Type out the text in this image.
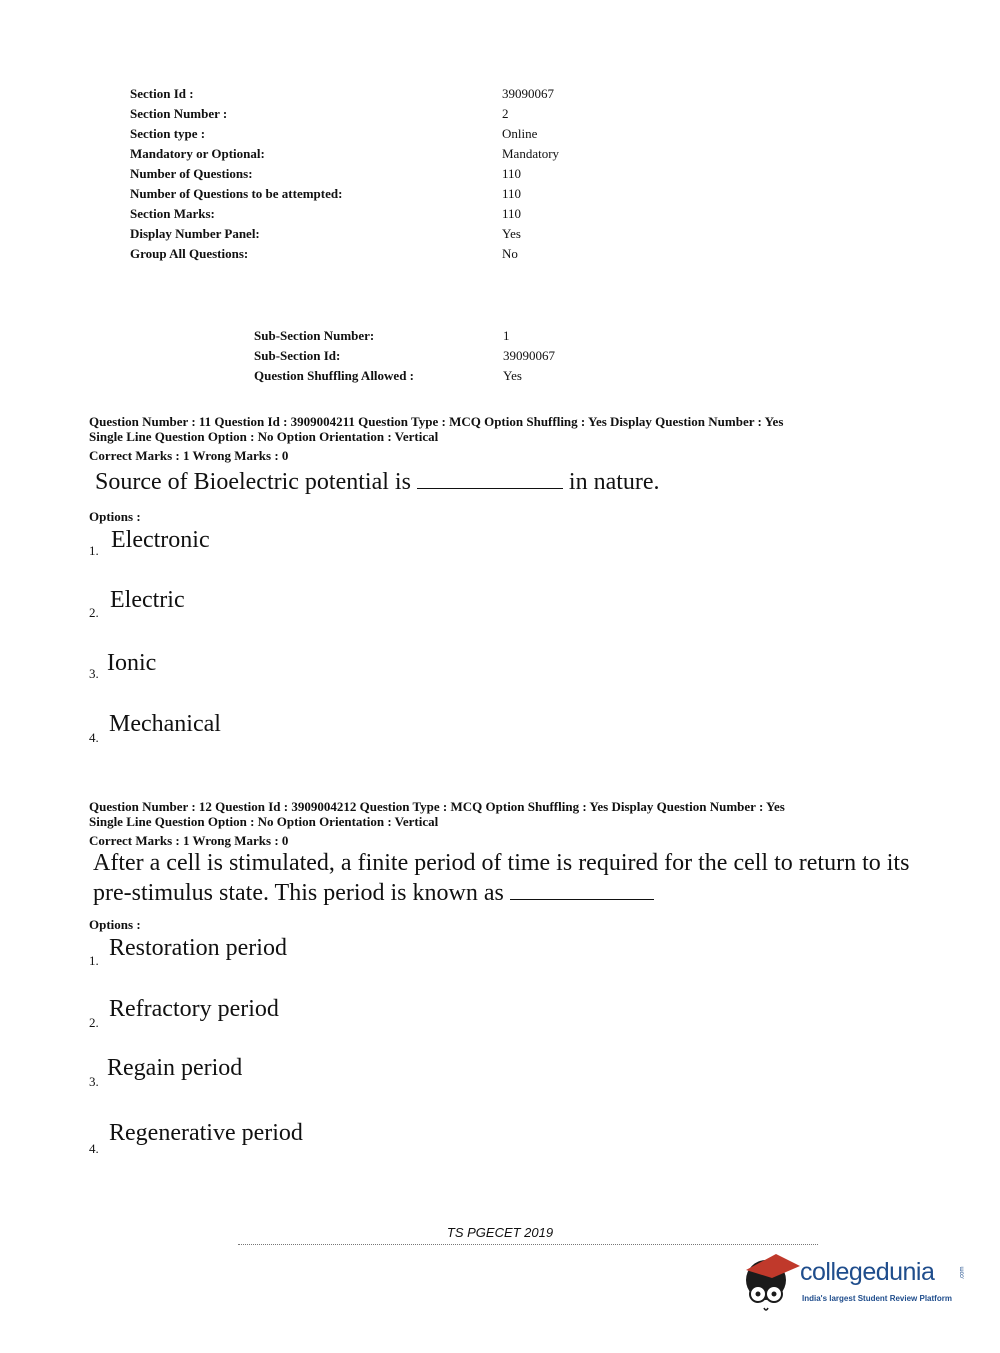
Section Id :	39090067
Section Number :	2
Section type :	Online
Mandatory or Optional:	Mandatory
Number of Questions:	110
Number of Questions to be attempted:	110
Section Marks:	110
Display Number Panel:	Yes
Group All Questions:	No
Sub-Section Number:	1
Sub-Section Id:	39090067
Question Shuffling Allowed :	Yes
Question Number : 11 Question Id : 3909004211 Question Type : MCQ Option Shuffling : Yes Display Question Number : Yes
Single Line Question Option : No Option Orientation : Vertical
Correct Marks : 1 Wrong Marks : 0
Source of Bioelectric potential is	in nature.
Options :
1. Electronic
2. Electric
3. Ionic
4.
Mechanical
Question Number : 12 Question Id : 3909004212 Question Type : MCQ Option Shuffling : Yes Display Question Number : Yes
Single Line Question Option : No Option Orientation : Vertical
Correct Marks : 1 Wrong Marks : 0
After a cell is stimulated, a finite period of time is required for the cell to return to its
pre-stimulus state. This period is known as
Options :
1. Restoration period
2.
Refractory period
3.
Regain period
4.
Regenerative period
TS PGECET 2019
collegedunia	.com
India's largest Student Review Platform
